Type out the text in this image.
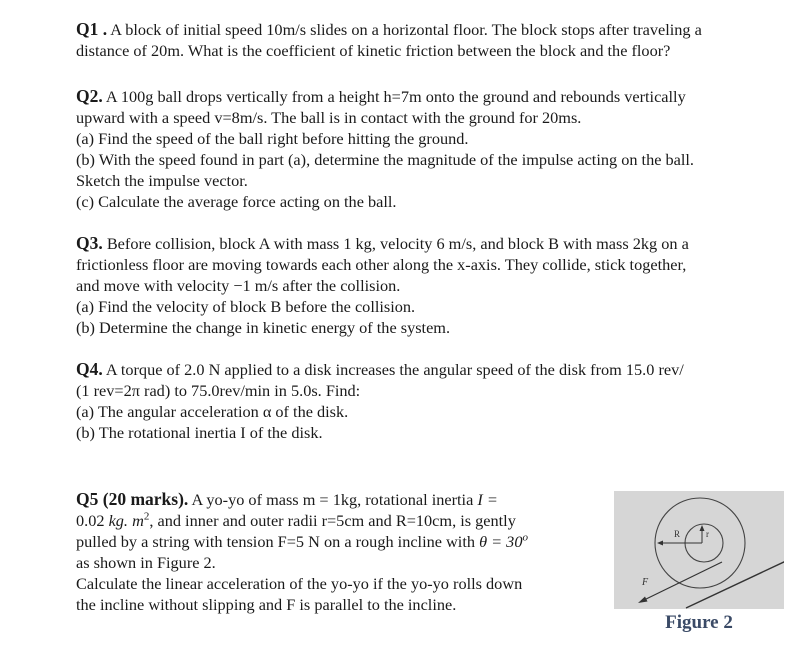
Q1 . A block of initial speed 10m/s slides on a horizontal floor. The block stops after traveling a

distance of 20m. What is the coefficient of kinetic friction between the block and the floor?

Q2. A 100g ball drops vertically from a height h=7m onto the ground and rebounds vertically

upward with a speed v=8m/s. The ball is in contact with the ground for 20ms.

(a) Find the speed of the ball right before hitting the ground.

(b) With the speed found in part (a), determine the magnitude of the impulse acting on the ball.

Sketch the impulse vector.

(c) Calculate the average force acting on the ball.

Q3. Before collision, block A with mass 1 kg, velocity 6 m/s, and block B with mass 2kg on a

frictionless floor are moving towards each other along the x-axis. They collide, stick together,

and move with velocity −1 m/s after the collision.

(a) Find the velocity of block B before the collision.

(b) Determine the change in kinetic energy of the system.

Q4. A torque of 2.0 N applied to a disk increases the angular speed of the disk from 15.0 rev/

(1 rev=2π rad) to 75.0rev/min in 5.0s. Find:

(a) The angular acceleration α of the disk.

(b) The rotational inertia I of the disk.

Q5 (20 marks). A yo-yo of mass m = 1kg, rotational inertia I =

0.02 kg. $m^2$, and inner and outer radii r=5cm and R=10cm, is gently

pulled by a string with tension F=5 N on a rough incline with $\theta = 30^o$

as shown in Figure 2.

Calculate the linear acceleration of the yo-yo if the yo-yo rolls down

the incline without slipping and F is parallel to the incline.

R	r
F
Figure 2
